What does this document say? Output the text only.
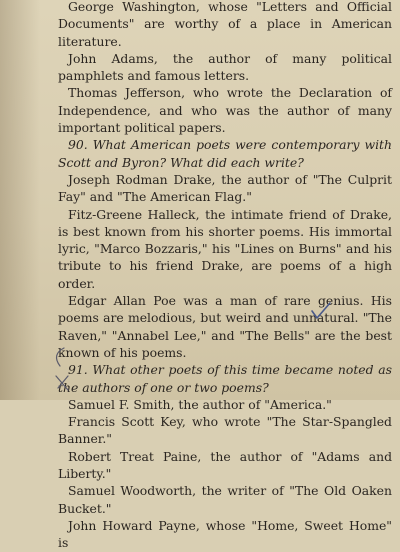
George Washington, whose "Letters and Official Documents" are worthy of a place in American literature.

John Adams, the author of many political pamphlets and famous letters.

Thomas Jefferson, who wrote the Declaration of Independence, and who was the author of many important political papers.

90. What American poets were contemporary with Scott and Byron? What did each write?

Joseph Rodman Drake, the author of "The Culprit Fay" and "The American Flag."

Fitz-Greene Halleck, the intimate friend of Drake, is best known from his shorter poems. His immortal lyric, "Marco Bozzaris," his "Lines on Burns" and his tribute to his friend Drake, are poems of a high order.

Edgar Allan Poe was a man of rare genius. His poems are melodious, but weird and unnatural. "The Raven," "Annabel Lee," and "The Bells" are the best known of his poems.

91. What other poets of this time became noted as the authors of one or two poems?

Samuel F. Smith, the author of "America."

Francis Scott Key, who wrote "The Star-Spangled Banner."

Robert Treat Paine, the author of "Adams and Liberty."

Samuel Woodworth, the writer of "The Old Oaken Bucket."

John Howard Payne, whose "Home, Sweet Home" is
